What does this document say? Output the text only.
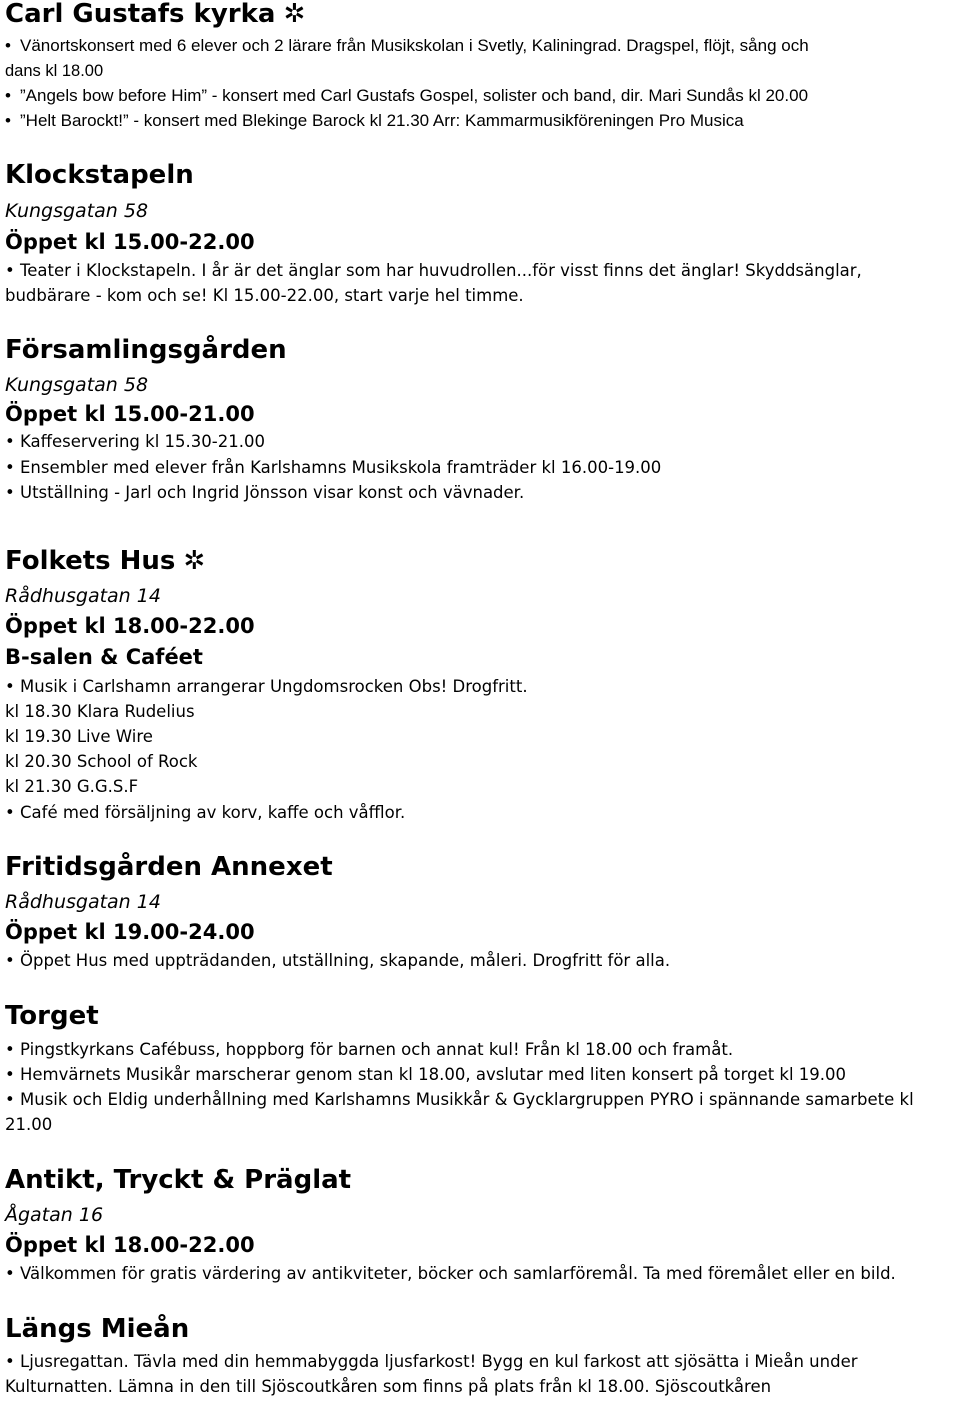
Carl Gustafs kyrka ✲
• Vänortskonsert med 6 elever och 2 lärare från Musikskolan i Svetly, Kaliningrad. Dragspel, flöjt, sång och
dans kl 18.00
• ”Angels bow before Him” - konsert med Carl Gustafs Gospel, solister och band, dir. Mari Sundås kl 20.00
• ”Helt Barockt!” - konsert med Blekinge Barock kl 21.30 Arr: Kammarmusikföreningen Pro Musica
Klockstapeln
Kungsgatan 58
Öppet kl 15.00-22.00
• Teater i Klockstapeln. I år är det änglar som har huvudrollen...för visst finns det änglar! Skyddsänglar,
budbärare - kom och se! Kl 15.00-22.00, start varje hel timme.
Församlingsgården
Kungsgatan 58
Öppet kl 15.00-21.00
• Kaffeservering kl 15.30-21.00
• Ensembler med elever från Karlshamns Musikskola framträder kl 16.00-19.00
• Utställning - Jarl och Ingrid Jönsson visar konst och vävnader.
Folkets Hus ✲
Rådhusgatan 14
Öppet kl 18.00-22.00
B-salen & Caféet
• Musik i Carlshamn arrangerar Ungdomsrocken Obs! Drogfritt.
kl 18.30 Klara Rudelius
kl 19.30 Live Wire
kl 20.30 School of Rock
kl 21.30 G.G.S.F
• Café med försäljning av korv, kaffe och våfflor.
Fritidsgården Annexet
Rådhusgatan 14
Öppet kl 19.00-24.00
• Öppet Hus med uppträdanden, utställning, skapande, måleri. Drogfritt för alla.
Torget
• Pingstkyrkans Cafébuss, hoppborg för barnen och annat kul! Från kl 18.00 och framåt.
• Hemvärnets Musikår marscherar genom stan kl 18.00, avslutar med liten konsert på torget kl 19.00
• Musik och Eldig underhållning med Karlshamns Musikkår & Gycklargruppen PYRO i spännande samarbete kl
21.00
Antikt, Tryckt & Präglat
Ågatan 16
Öppet kl 18.00-22.00
• Välkommen för gratis värdering av antikviteter, böcker och samlarföremål. Ta med föremålet eller en bild.
Längs Mieån
• Ljusregattan. Tävla med din hemmabyggda ljusfarkost! Bygg en kul farkost att sjösätta i Mieån under
Kulturnatten. Lämna in den till Sjöscoutkåren som finns på plats från kl 18.00. Sjöscoutkåren
